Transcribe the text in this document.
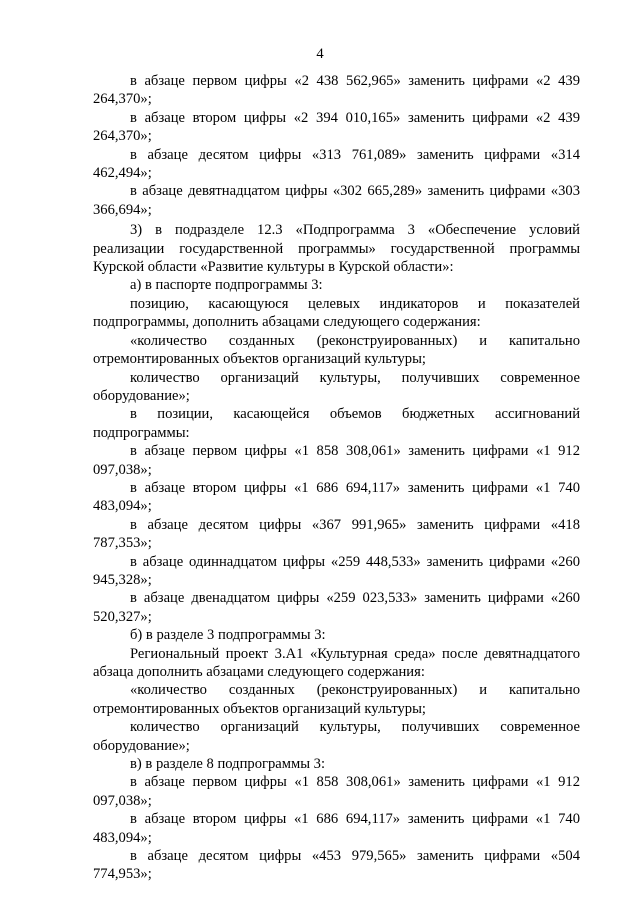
4

в абзаце первом цифры «2 438 562,965» заменить цифрами «2 439 264,370»;

в абзаце втором цифры «2 394 010,165» заменить цифрами «2 439 264,370»;

в абзаце десятом цифры «313 761,089» заменить цифрами «314 462,494»;

в абзаце девятнадцатом цифры «302 665,289» заменить цифрами «303 366,694»;

3) в подразделе 12.3 «Подпрограмма 3 «Обеспечение условий реализации государственной программы» государственной программы Курской области «Развитие культуры в Курской области»:

а) в паспорте подпрограммы 3:

позицию, касающуюся целевых индикаторов и показателей подпрограммы, дополнить абзацами следующего содержания:

«количество созданных (реконструированных) и капитально отремонтированных объектов организаций культуры;

количество организаций культуры, получивших современное оборудование»;

в позиции, касающейся объемов бюджетных ассигнований подпрограммы:

в абзаце первом цифры «1 858 308,061» заменить цифрами «1 912 097,038»;

в абзаце втором цифры «1 686 694,117» заменить цифрами «1 740 483,094»;

в абзаце десятом цифры «367 991,965» заменить цифрами «418 787,353»;

в абзаце одиннадцатом цифры «259 448,533» заменить цифрами «260 945,328»;

в абзаце двенадцатом цифры «259 023,533» заменить цифрами «260 520,327»;

б) в разделе 3 подпрограммы 3:

Региональный проект 3.А1 «Культурная среда» после девятнадцатого абзаца дополнить абзацами следующего содержания:

«количество созданных (реконструированных) и капитально отремонтированных объектов организаций культуры;

количество организаций культуры, получивших современное оборудование»;

в) в разделе 8 подпрограммы 3:

в абзаце первом цифры «1 858 308,061» заменить цифрами «1 912 097,038»;

в абзаце втором цифры «1 686 694,117» заменить цифрами «1 740 483,094»;

в абзаце десятом цифры «453 979,565» заменить цифрами «504 774,953»;
